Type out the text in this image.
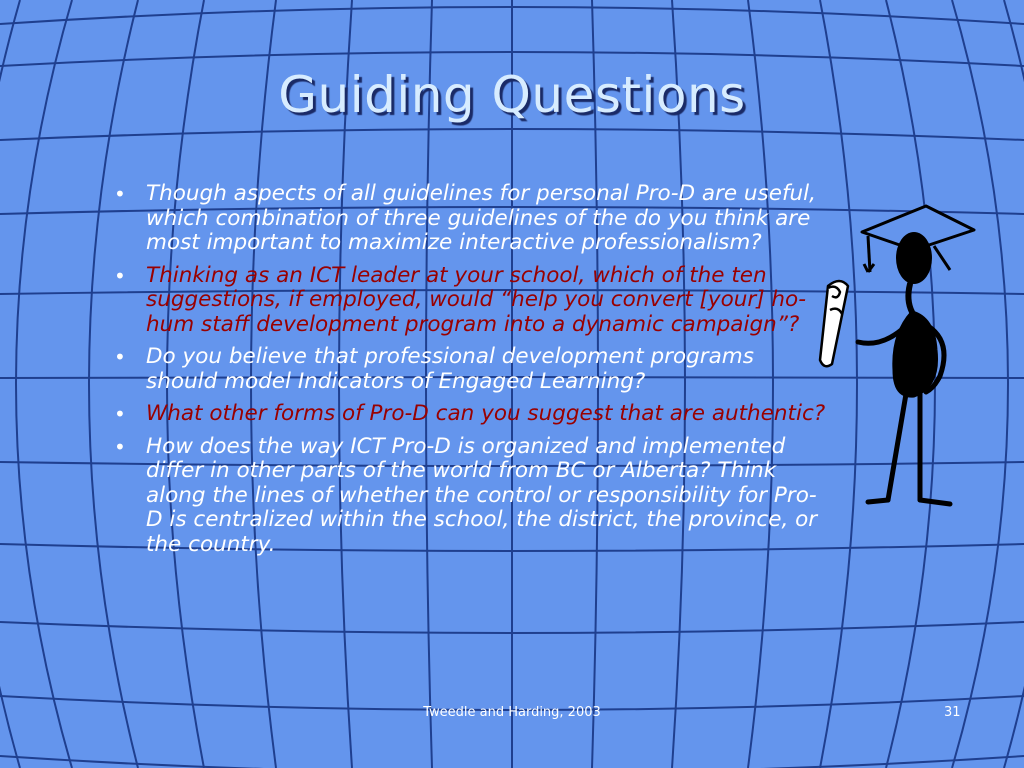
Guiding Questions
• Though aspects of all guidelines for personal Pro-D are useful, which combination of three guidelines of the do you think are most important to maximize interactive professionalism?
• Thinking as an ICT leader at your school, which of the ten suggestions, if employed, would “help you convert [your] ho-hum staff development program into a dynamic campaign”?
• Do you believe that professional development programs should model Indicators of Engaged Learning?
• What other forms of Pro-D can you suggest that are authentic?
• How does the way ICT Pro-D is organized and implemented differ in other parts of the world from BC or Alberta? Think along the lines of whether the control or responsibility for Pro-D is centralized within the school, the district, the province, or the country.
Tweedle and Harding, 2003	31
